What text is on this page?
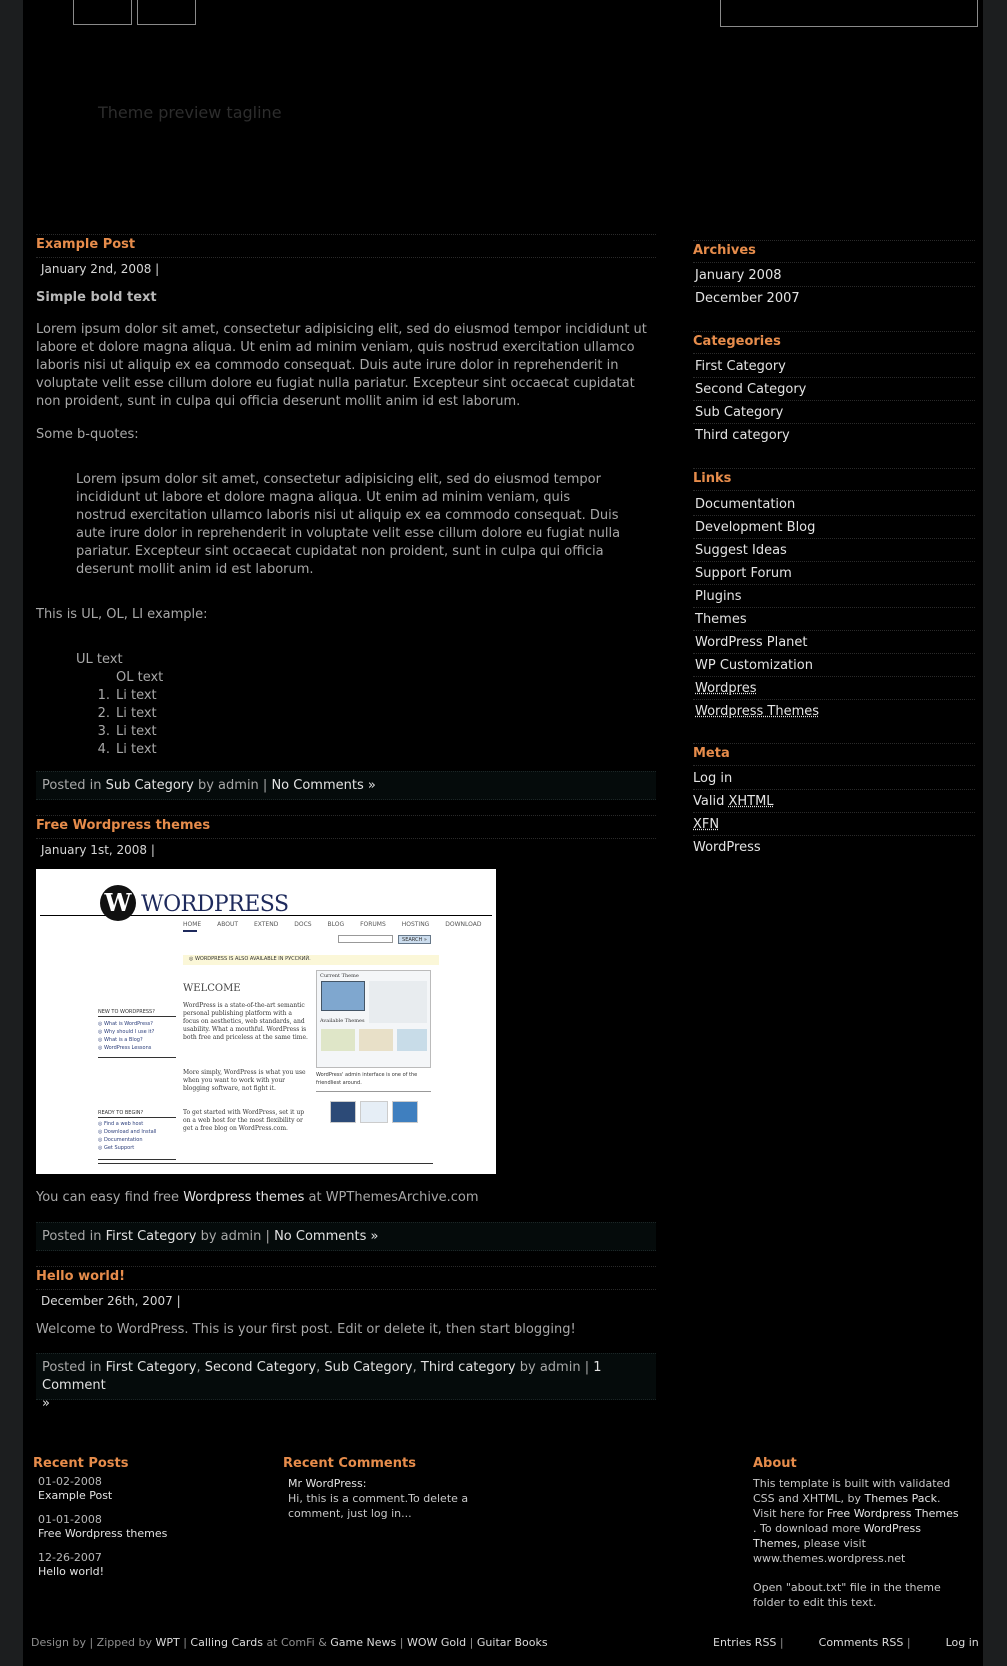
Theme preview tagline
Example Post
January 2nd, 2008 |
Simple bold text
Lorem ipsum dolor sit amet, consectetur adipisicing elit, sed do eiusmod tempor incididunt ut labore et dolore magna aliqua. Ut enim ad minim veniam, quis nostrud exercitation ullamco laboris nisi ut aliquip ex ea commodo consequat. Duis aute irure dolor in reprehenderit in voluptate velit esse cillum dolore eu fugiat nulla pariatur. Excepteur sint occaecat cupidatat non proident, sunt in culpa qui officia deserunt mollit anim id est laborum.
Some b-quotes:
Lorem ipsum dolor sit amet, consectetur adipisicing elit, sed do eiusmod tempor incididunt ut labore et dolore magna aliqua. Ut enim ad minim veniam, quis nostrud exercitation ullamco laboris nisi ut aliquip ex ea commodo consequat. Duis aute irure dolor in reprehenderit in voluptate velit esse cillum dolore eu fugiat nulla pariatur. Excepteur sint occaecat cupidatat non proident, sunt in culpa qui officia deserunt mollit anim id est laborum.
This is UL, OL, LI example:
UL text
OL text
1. Li text
2. Li text
3. Li text
4. Li text
Posted in Sub Category by admin | No Comments »
Free Wordpress themes
January 1st, 2008 |
W WORDPRESS
HOME	ABOUT	EXTEND	DOCS	BLOG	FORUMS	HOSTING	DOWNLOAD
SEARCH »
◎ WORDPRESS IS ALSO AVAILABLE IN РУССКИЙ.
WELCOME
WordPress is a state-of-the-art semantic personal publishing platform with a focus on aesthetics, web standards, and usability. What a mouthful. WordPress is both free and priceless at the same time.
More simply, WordPress is what you use when you want to work with your blogging software, not fight it.
To get started with WordPress, set it up on a web host for the most flexibility or get a free blog on WordPress.com.
NEW TO WORDPRESS?
◎ What is WordPress?
◎ Why should I use it?
◎ What is a Blog?
◎ WordPress Lessons
READY TO BEGIN?
◎ Find a web host
◎ Download and Install
◎ Documentation
◎ Get Support
Current Theme
Available Themes
WordPress' admin interface is one of the friendliest around.
You can easy find free Wordpress themes at WPThemesArchive.com
Posted in First Category by admin | No Comments »
Hello world!
December 26th, 2007 |
Welcome to WordPress. This is your first post. Edit or delete it, then start blogging!
Posted in First Category, Second Category, Sub Category, Third category by admin | 1 Comment
»
Archives
January 2008
December 2007
Categeories
First Category
Second Category
Sub Category
Third category
Links
Documentation
Development Blog
Suggest Ideas
Support Forum
Plugins
Themes
WordPress Planet
WP Customization
Wordpres
Wordpress Themes
Meta
Log in
Valid XHTML
XFN
WordPress
Recent Posts
01-02-2008
Example Post
01-01-2008
Free Wordpress themes
12-26-2007
Hello world!
Recent Comments
Mr WordPress:
Hi, this is a comment.To delete a
comment, just log in...
About
This template is built with validated
CSS and XHTML, by Themes Pack.
Visit here for Free Wordpress Themes
. To download more WordPress
Themes, please visit
www.themes.wordpress.net
Open "about.txt" file in the theme
folder to edit this text.
Design by | Zipped by WPT | Calling Cards at ComFi & Game News | WOW Gold | Guitar Books	Entries RSS |	Comments RSS |	Log in
